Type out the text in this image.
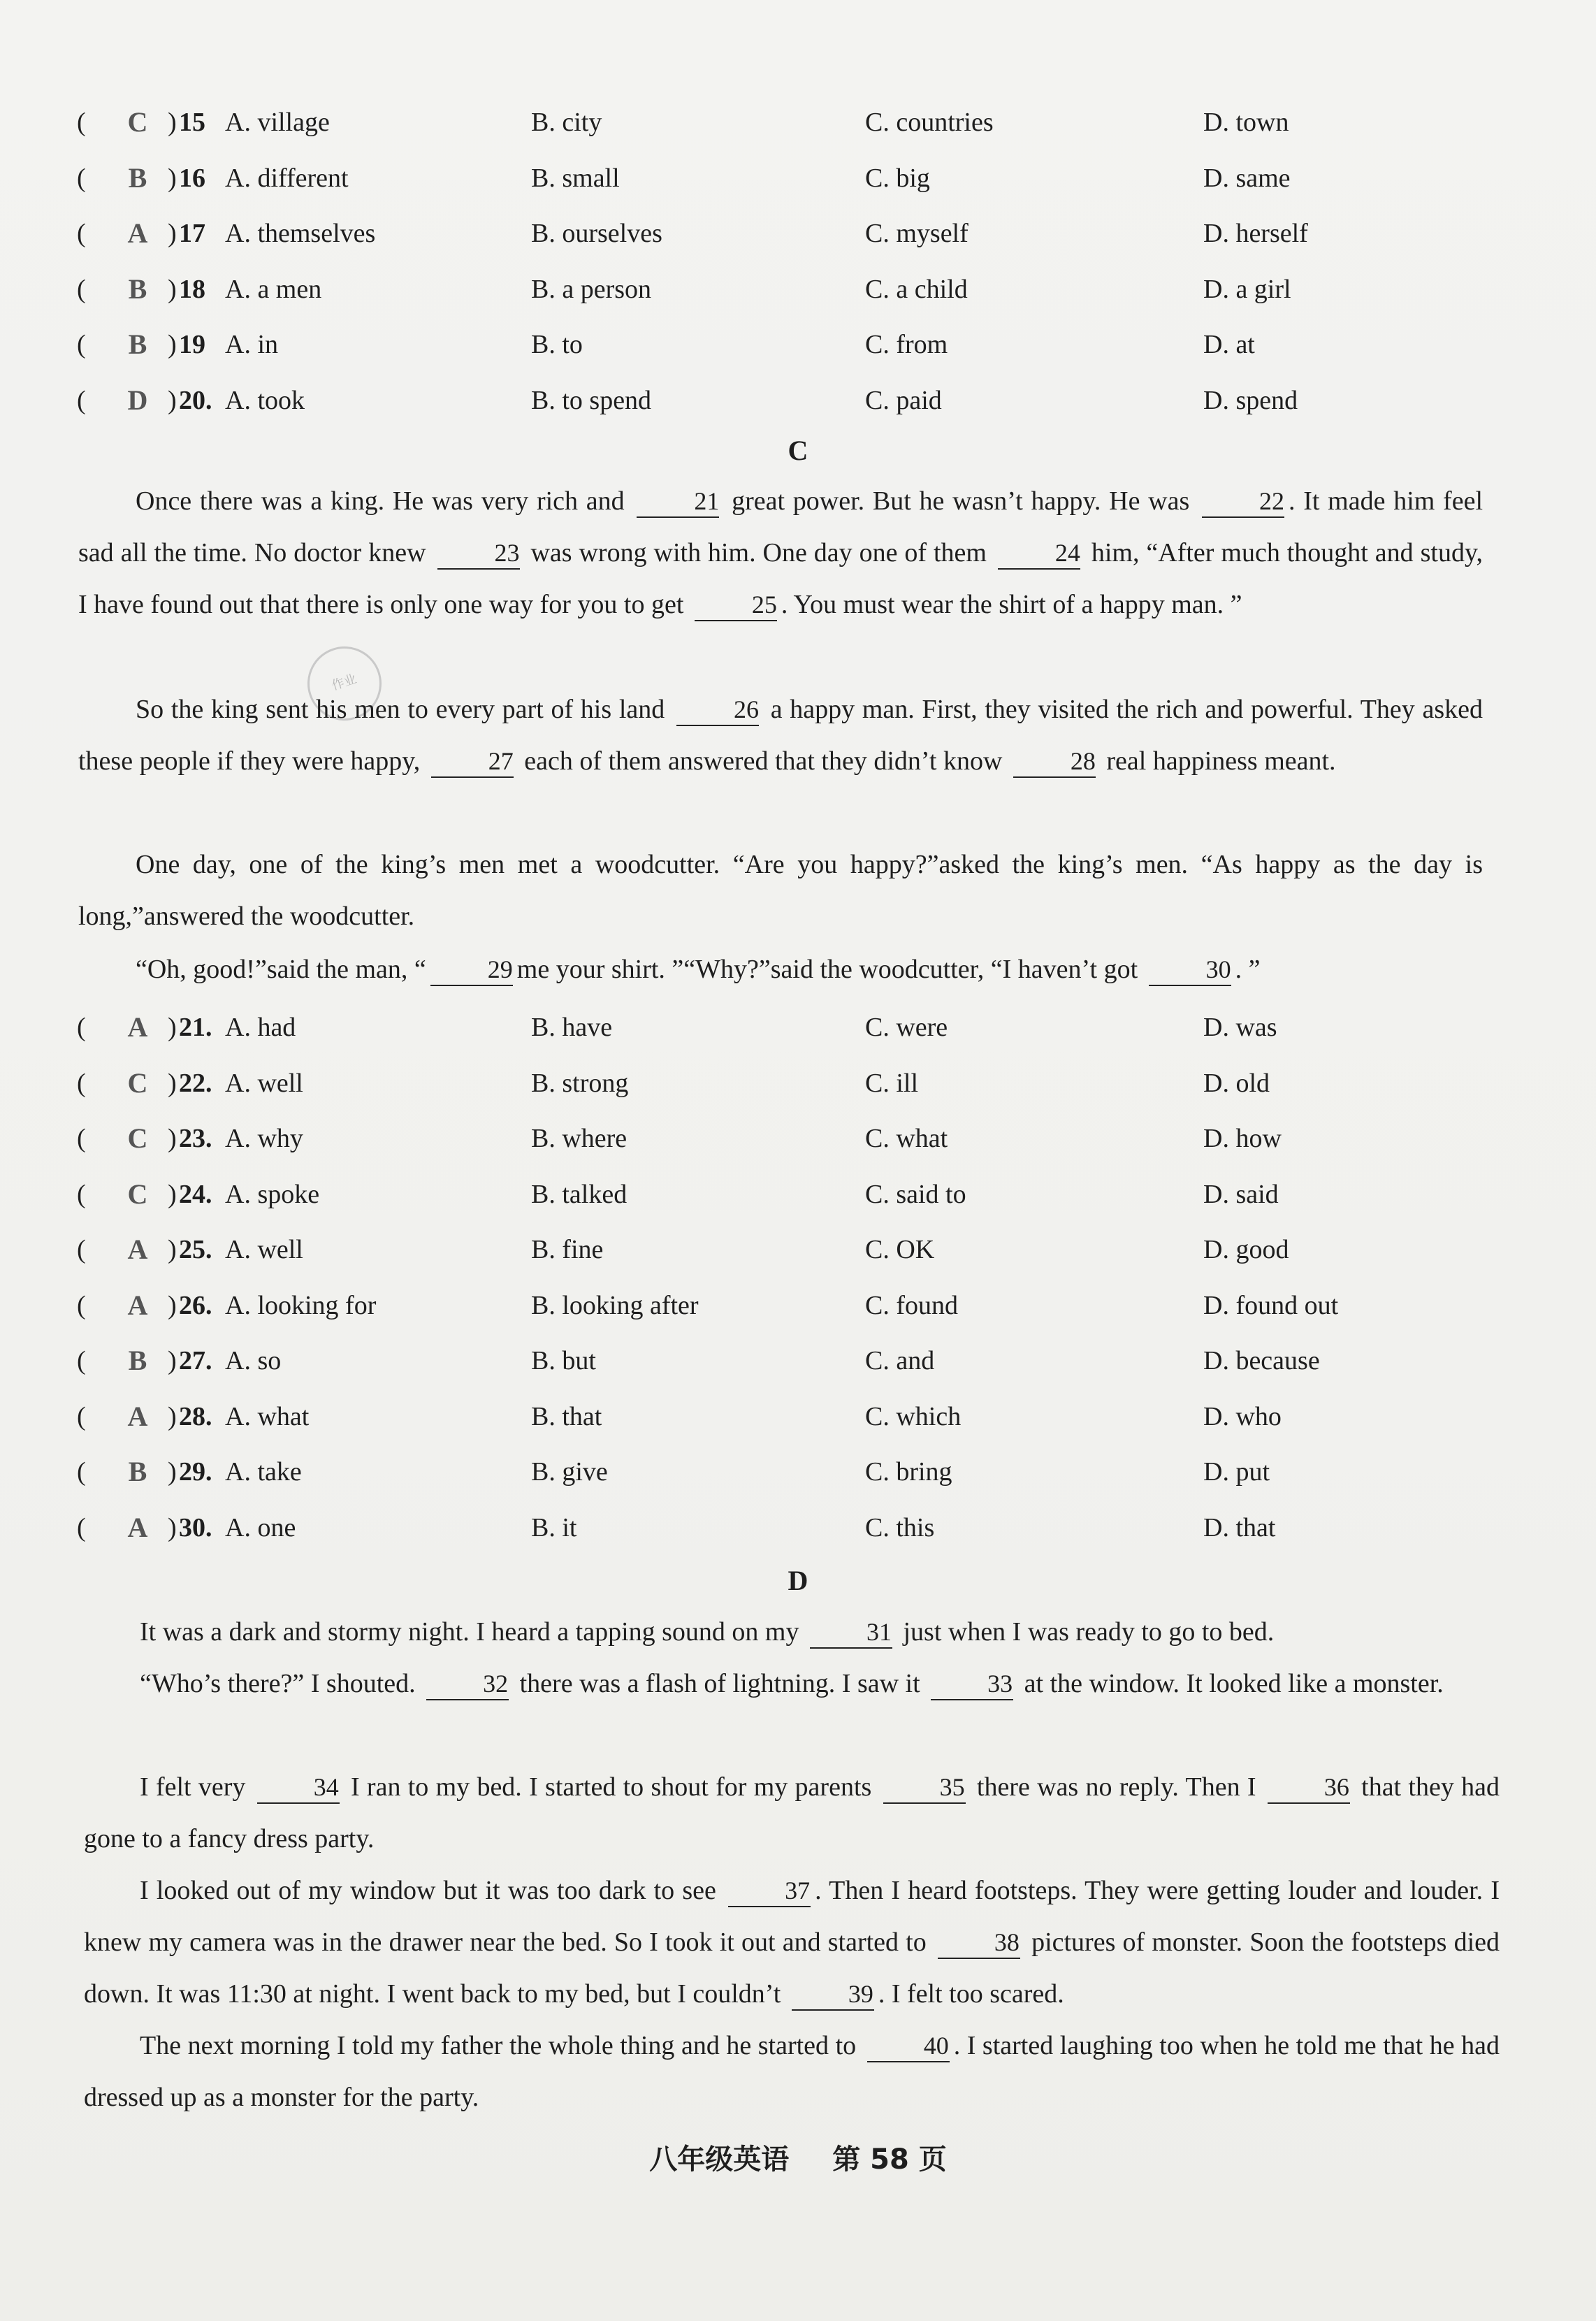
( C ) 15 A. village	B. city	C. countries	D. town
( B ) 16 A. different	B. small	C. big	D. same
( A ) 17 A. themselves	B. ourselves	C. myself	D. herself
( B ) 18 A. a men	B. a person	C. a child	D. a girl
( B ) 19 A. in	B. to	C. from	D. at
( D ) 20. A. took	B. to spend	C. paid	D. spend
C

Once there was a king. He was very rich and 21 great power. But he wasn’t happy. He was 22 . It made him feel sad all the time. No doctor knew 23 was wrong with him. One day one of them 24 him, “After much thought and study, I have found out that there is only one way for you to get 25 . You must wear the shirt of a happy man. ”

作业

So the king sent his men to every part of his land 26 a happy man. First, they visited the rich and powerful. They asked these people if they were happy, 27 each of them answered that they didn’t know 28 real happiness meant.

One day, one of the king’s men met a woodcutter. “Are you happy?”asked the king’s men. “As happy as the day is long,”answered the woodcutter.

“Oh, good!”said the man, “ 29 me your shirt. ”“Why?”said the woodcutter, “I haven’t got 30 . ”

( A ) 21. A. had	B. have	C. were	D. was
( C ) 22. A. well	B. strong	C. ill	D. old
( C ) 23. A. why	B. where	C. what	D. how
( C ) 24. A. spoke	B. talked	C. said to	D. said
( A ) 25. A. well	B. fine	C. OK	D. good
( A ) 26. A. looking for	B. looking after	C. found	D. found out
( B ) 27. A. so	B. but	C. and	D. because
( A ) 28. A. what	B. that	C. which	D. who
( B ) 29. A. take	B. give	C. bring	D. put
( A ) 30. A. one	B. it	C. this	D. that
D

It was a dark and stormy night. I heard a tapping sound on my 31 just when I was ready to go to bed.

“Who’s there?” I shouted. 32 there was a flash of lightning. I saw it 33 at the window. It looked like a monster.

I felt very 34 I ran to my bed. I started to shout for my parents 35 there was no reply. Then I 36 that they had gone to a fancy dress party.

I looked out of my window but it was too dark to see 37 . Then I heard footsteps. They were getting louder and louder. I knew my camera was in the drawer near the bed. So I took it out and started to 38 pictures of monster. Soon the footsteps died down. It was 11:30 at night. I went back to my bed, but I couldn’t 39 . I felt too scared.

The next morning I told my father the whole thing and he started to 40 . I started laughing too when he told me that he had dressed up as a monster for the party.

八年级英语 第 58 页
